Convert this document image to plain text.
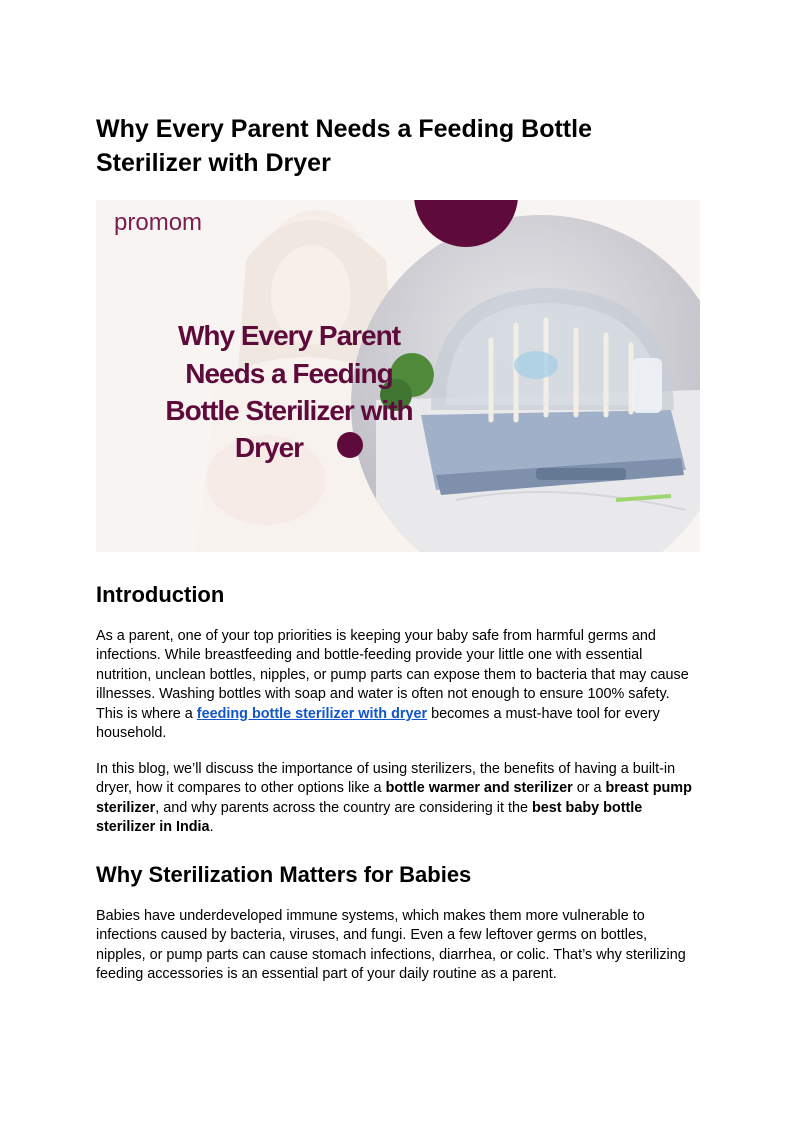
Why Every Parent Needs a Feeding Bottle Sterilizer with Dryer
promom
Why Every Parent
Needs a Feeding
Bottle Sterilizer with
Dryer
Introduction

As a parent, one of your top priorities is keeping your baby safe from harmful germs and infections. While breastfeeding and bottle-feeding provide your little one with essential nutrition, unclean bottles, nipples, or pump parts can expose them to bacteria that may cause illnesses. Washing bottles with soap and water is often not enough to ensure 100% safety. This is where a feeding bottle sterilizer with dryer becomes a must-have tool for every household.

In this blog, we’ll discuss the importance of using sterilizers, the benefits of having a built-in dryer, how it compares to other options like a bottle warmer and sterilizer or a breast pump sterilizer, and why parents across the country are considering it the best baby bottle sterilizer in India.

Why Sterilization Matters for Babies

Babies have underdeveloped immune systems, which makes them more vulnerable to infections caused by bacteria, viruses, and fungi. Even a few leftover germs on bottles, nipples, or pump parts can cause stomach infections, diarrhea, or colic. That’s why sterilizing feeding accessories is an essential part of your daily routine as a parent.
